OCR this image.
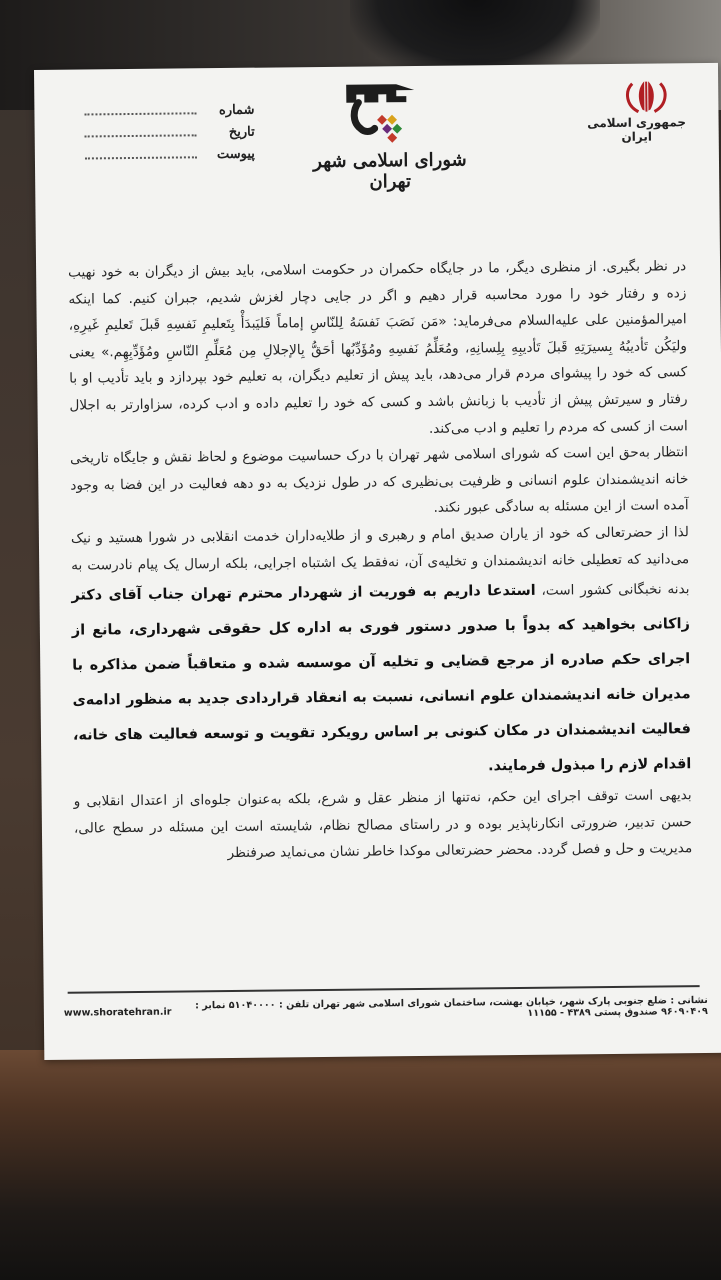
جمهوری اسلامی ایران
شورای اسلامی شهر تهران
شماره
تاریخ
پیوست

در نظر بگیری. از منظری دیگر، ما در جایگاه حکمران در حکومت اسلامی، باید بیش از دیگران به خود نهیب زده و رفتار خود را مورد محاسبه قرار دهیم و اگر در جایی دچار لغزش شدیم، جبران کنیم. کما اینکه امیرالمؤمنین علی علیه‌السلام می‌فرماید: «مَن نَصَبَ نَفسَهُ لِلنّاسِ إماماً فَلیَبدَأْ بِتَعلیمِ نَفسِهِ قَبلَ تَعلیمِ غَیرِهِ، ولیَکُن تَأدیبُهُ بِسیرَتِهِ قَبلَ تَأدیبِهِ بِلِسانِهِ، ومُعَلِّمُ نَفسِهِ ومُؤَدِّبُها أحَقُّ بِالإجلالِ مِن مُعَلِّمِ النّاسِ ومُؤَدِّبِهِم.» یعنی کسی که خود را پیشوای مردم قرار می‌دهد، باید پیش از تعلیم دیگران، به تعلیم خود بپردازد و باید تأدیب او با رفتار و سیرتش پیش از تأدیب با زبانش باشد و کسی که خود را تعلیم داده و ادب کرده، سزاوارتر به اجلال است از کسی که مردم را تعلیم و ادب می‌کند.

انتظار به‌حق این است که شورای اسلامی شهر تهران با درک حساسیت موضوع و لحاظ نقش و جایگاه تاریخی خانه اندیشمندان علوم انسانی و ظرفیت بی‌نظیری که در طول نزدیک به دو دهه فعالیت در این فضا به وجود آمده است از این مسئله به سادگی عبور نکند.

لذا از حضرتعالی که خود از یاران صدیق امام و رهبری و از طلایه‌داران خدمت انقلابی در شورا هستید و نیک می‌دانید که تعطیلی خانه اندیشمندان و تخلیه‌ی آن، نه‌فقط یک اشتباه اجرایی، بلکه ارسال یک پیام نادرست به بدنه نخبگانی کشور است، استدعا داریم به فوریت از شهردار محترم تهران جناب آقای دکتر زاکانی بخواهید که بدواً با صدور دستور فوری به اداره کل حقوقی شهرداری، مانع از اجرای حکم صادره از مرجع قضایی و تخلیه آن موسسه شده و متعاقباً ضمن مذاکره با مدیران خانه اندیشمندان علوم انسانی، نسبت به انعقاد قراردادی جدید به منظور ادامه‌ی فعالیت اندیشمندان در مکان کنونی بر اساس رویکرد تقویت و توسعه فعالیت های خانه، اقدام لازم را مبذول فرمایند.

بدیهی است توقف اجرای این حکم، نه‌تنها از منظر عقل و شرع، بلکه به‌عنوان جلوه‌ای از اعتدال انقلابی و حسن تدبیر، ضرورتی انکارناپذیر بوده و در راستای مصالح نظام، شایسته است این مسئله در سطح عالی، مدیریت و حل و فصل گردد. محضر حضرتعالی موکدا خاطر نشان می‌نماید صرفنظر

www.shoratehran.ir
نشانی : ضلع جنوبی پارک شهر، خیابان بهشت، ساختمان شورای اسلامی شهر تهران تلفن : ۵۱۰۴۰۰۰۰ نمابر : ۹۶۰۹۰۴۰۹ صندوق پستی ۴۳۸۹ - ۱۱۱۵۵
